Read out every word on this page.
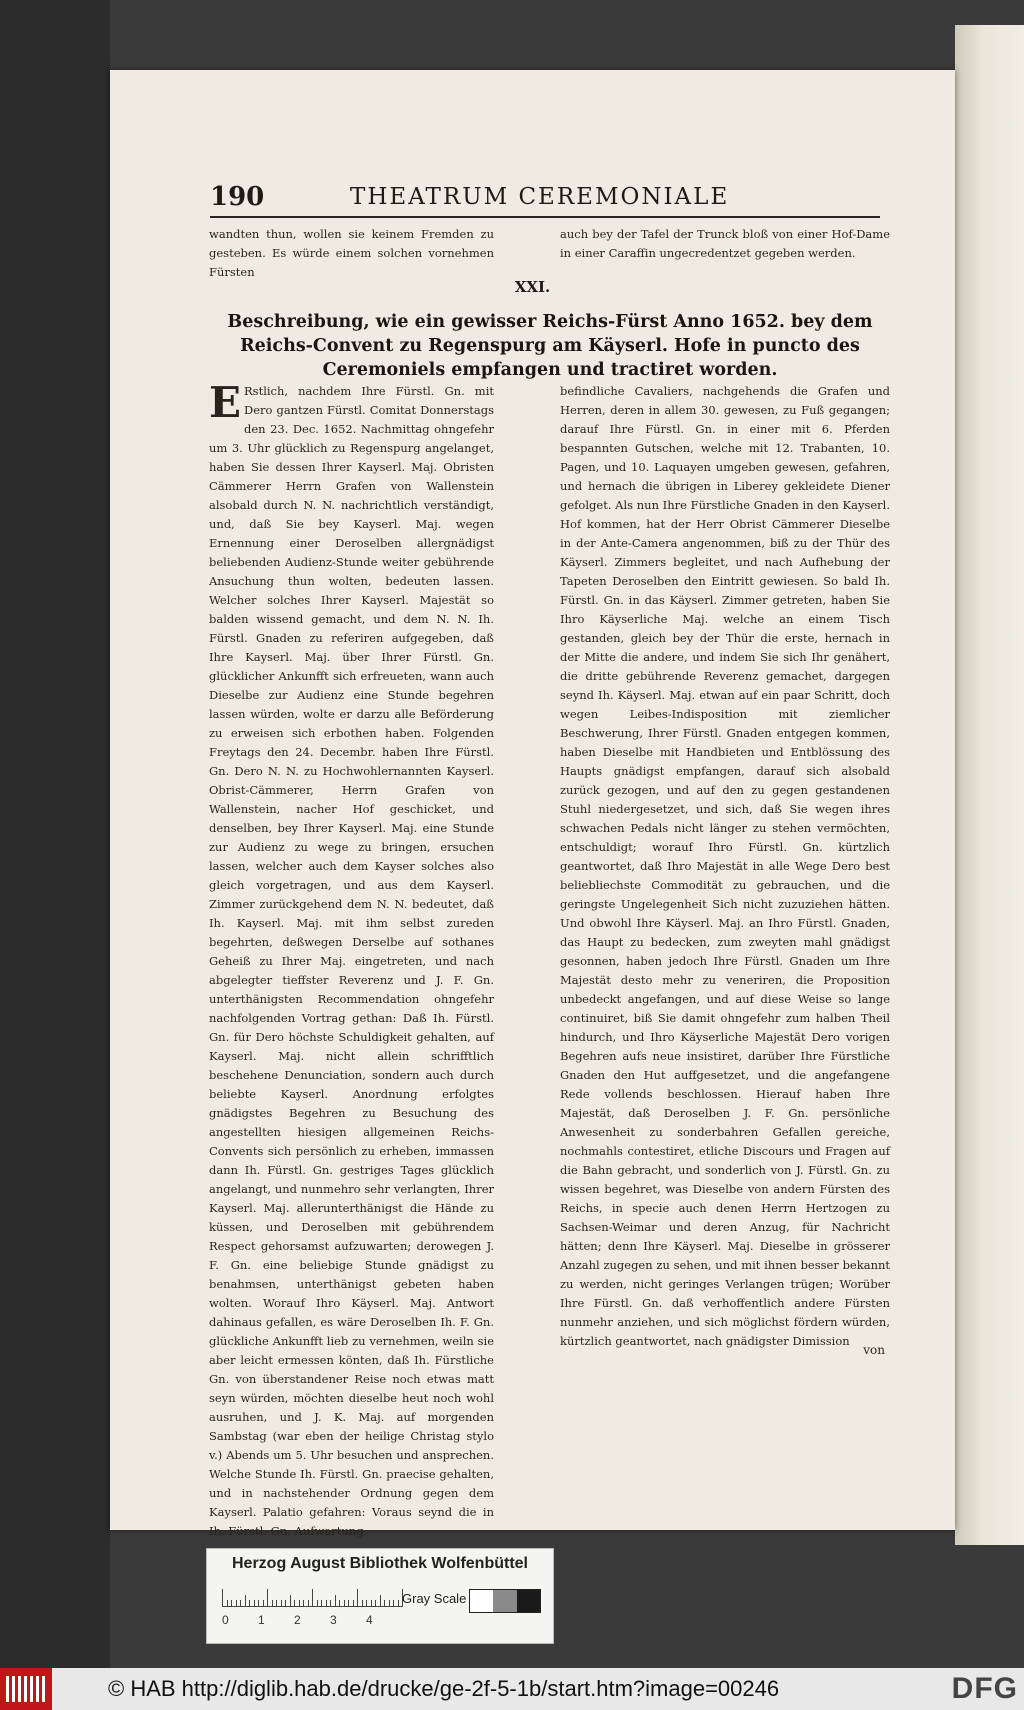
190	THEATRUM CEREMONIALE
wandten thun, wollen sie keinem Fremden zu gesteben. Es würde einem solchen vornehmen Fürsten
auch bey der Tafel der Trunck bloß von einer Hof-Dame in einer Caraffin ungecredentzet gegeben werden.
XXI.
Beschreibung, wie ein gewisser Reichs-Fürst Anno 1652. bey dem Reichs-Convent zu Regenspurg am Käyserl. Hofe in puncto des Ceremoniels empfangen und tractiret worden.

E Rstlich, nachdem Ihre Fürstl. Gn. mit Dero gantzen Fürstl. Comitat Donnerstags den 23. Dec. 1652. Nachmittag ohngefehr um 3. Uhr glücklich zu Regenspurg angelanget, haben Sie dessen Ihrer Kayserl. Maj. Obristen Cämmerer Herrn Grafen von Wallenstein alsobald durch N. N. nachrichtlich verständigt, und, daß Sie bey Kayserl. Maj. wegen Ernennung einer Deroselben allergnädigst beliebenden Audienz-Stunde weiter gebührende Ansuchung thun wolten, bedeuten lassen. Welcher solches Ihrer Kayserl. Majestät so balden wissend gemacht, und dem N. N. Ih. Fürstl. Gnaden zu referiren aufgegeben, daß Ihre Kayserl. Maj. über Ihrer Fürstl. Gn. glücklicher Ankunfft sich erfreueten, wann auch Dieselbe zur Audienz eine Stunde begehren lassen würden, wolte er darzu alle Beförderung zu erweisen sich erbothen haben. Folgenden Freytags den 24. Decembr. haben Ihre Fürstl. Gn. Dero N. N. zu Hochwohlernannten Kayserl. Obrist-Cämmerer, Herrn Grafen von Wallenstein, nacher Hof geschicket, und denselben, bey Ihrer Kayserl. Maj. eine Stunde zur Audienz zu wege zu bringen, ersuchen lassen, welcher auch dem Kayser solches also gleich vorgetragen, und aus dem Kayserl. Zimmer zurückgehend dem N. N. bedeutet, daß Ih. Kayserl. Maj. mit ihm selbst zureden begehrten, deßwegen Derselbe auf sothanes Geheiß zu Ihrer Maj. eingetreten, und nach abgelegter tieffster Reverenz und J. F. Gn. unterthänigsten Recommendation ohngefehr nachfolgenden Vortrag gethan: Daß Ih. Fürstl. Gn. für Dero höchste Schuldigkeit gehalten, auf Kayserl. Maj. nicht allein schrifftlich beschehene Denunciation, sondern auch durch beliebte Kayserl. Anordnung erfolgtes gnädigstes Begehren zu Besuchung des angestellten hiesigen allgemeinen Reichs-Convents sich persönlich zu erheben, immassen dann Ih. Fürstl. Gn. gestriges Tages glücklich angelangt, und nunmehro sehr verlangten, Ihrer Kayserl. Maj. allerunterthänigst die Hände zu küssen, und Deroselben mit gebührendem Respect gehorsamst aufzuwarten; derowegen J. F. Gn. eine beliebige Stunde gnädigst zu benahmsen, unterthänigst gebeten haben wolten. Worauf Ihro Käyserl. Maj. Antwort dahinaus gefallen, es wäre Deroselben Ih. F. Gn. glückliche Ankunfft lieb zu vernehmen, weiln sie aber leicht ermessen könten, daß Ih. Fürstliche Gn. von überstandener Reise noch etwas matt seyn würden, möchten dieselbe heut noch wohl ausruhen, und J. K. Maj. auf morgenden Sambstag (war eben der heilige Christag stylo v.) Abends um 5. Uhr besuchen und ansprechen. Welche Stunde Ih. Fürstl. Gn. praecise gehalten, und in nachstehender Ordnung gegen dem Kayserl. Palatio gefahren: Voraus seynd die in Ih. Fürstl. Gn. Aufwartung

befindliche Cavaliers, nachgehends die Grafen und Herren, deren in allem 30. gewesen, zu Fuß gegangen; darauf Ihre Fürstl. Gn. in einer mit 6. Pferden bespannten Gutschen, welche mit 12. Trabanten, 10. Pagen, und 10. Laquayen umgeben gewesen, gefahren, und hernach die übrigen in Liberey gekleidete Diener gefolget. Als nun Ihre Fürstliche Gnaden in den Kayserl. Hof kommen, hat der Herr Obrist Cämmerer Dieselbe in der Ante-Camera angenommen, biß zu der Thür des Käyserl. Zimmers begleitet, und nach Aufhebung der Tapeten Deroselben den Eintritt gewiesen. So bald Ih. Fürstl. Gn. in das Käyserl. Zimmer getreten, haben Sie Ihro Käyserliche Maj. welche an einem Tisch gestanden, gleich bey der Thür die erste, hernach in der Mitte die andere, und indem Sie sich Ihr genähert, die dritte gebührende Reverenz gemachet, dargegen seynd Ih. Käyserl. Maj. etwan auf ein paar Schritt, doch wegen Leibes-Indisposition mit ziemlicher Beschwerung, Ihrer Fürstl. Gnaden entgegen kommen, haben Dieselbe mit Handbieten und Entblössung des Haupts gnädigst empfangen, darauf sich alsobald zurück gezogen, und auf den zu gegen gestandenen Stuhl niedergesetzet, und sich, daß Sie wegen ihres schwachen Pedals nicht länger zu stehen vermöchten, entschuldigt; worauf Ihro Fürstl. Gn. kürtzlich geantwortet, daß Ihro Majestät in alle Wege Dero best beliebliechste Commodität zu gebrauchen, und die geringste Ungelegenheit Sich nicht zuzuziehen hätten. Und obwohl Ihre Käyserl. Maj. an Ihro Fürstl. Gnaden, das Haupt zu bedecken, zum zweyten mahl gnädigst gesonnen, haben jedoch Ihre Fürstl. Gnaden um Ihre Majestät desto mehr zu veneriren, die Proposition unbedeckt angefangen, und auf diese Weise so lange continuiret, biß Sie damit ohngefehr zum halben Theil hindurch, und Ihro Käyserliche Majestät Dero vorigen Begehren aufs neue insistiret, darüber Ihre Fürstliche Gnaden den Hut auffgesetzet, und die angefangene Rede vollends beschlossen. Hierauf haben Ihre Majestät, daß Deroselben J. F. Gn. persönliche Anwesenheit zu sonderbahren Gefallen gereiche, nochmahls contestiret, etliche Discours und Fragen auf die Bahn gebracht, und sonderlich von J. Fürstl. Gn. zu wissen begehret, was Dieselbe von andern Fürsten des Reichs, in specie auch denen Herrn Hertzogen zu Sachsen-Weimar und deren Anzug, für Nachricht hätten; denn Ihre Käyserl. Maj. Dieselbe in grösserer Anzahl zugegen zu sehen, und mit ihnen besser bekannt zu werden, nicht geringes Verlangen trügen; Worüber Ihre Fürstl. Gn. daß verhoffentlich andere Fürsten nunmehr anziehen, und sich möglichst fördern würden, kürtzlich geantwortet, nach gnädigster Dimission

von
Herzog August Bibliothek Wolfenbüttel
0 1 2 3 4
Gray Scale
© HAB http://diglib.hab.de/drucke/ge-2f-5-1b/start.htm?image=00246	DFG
